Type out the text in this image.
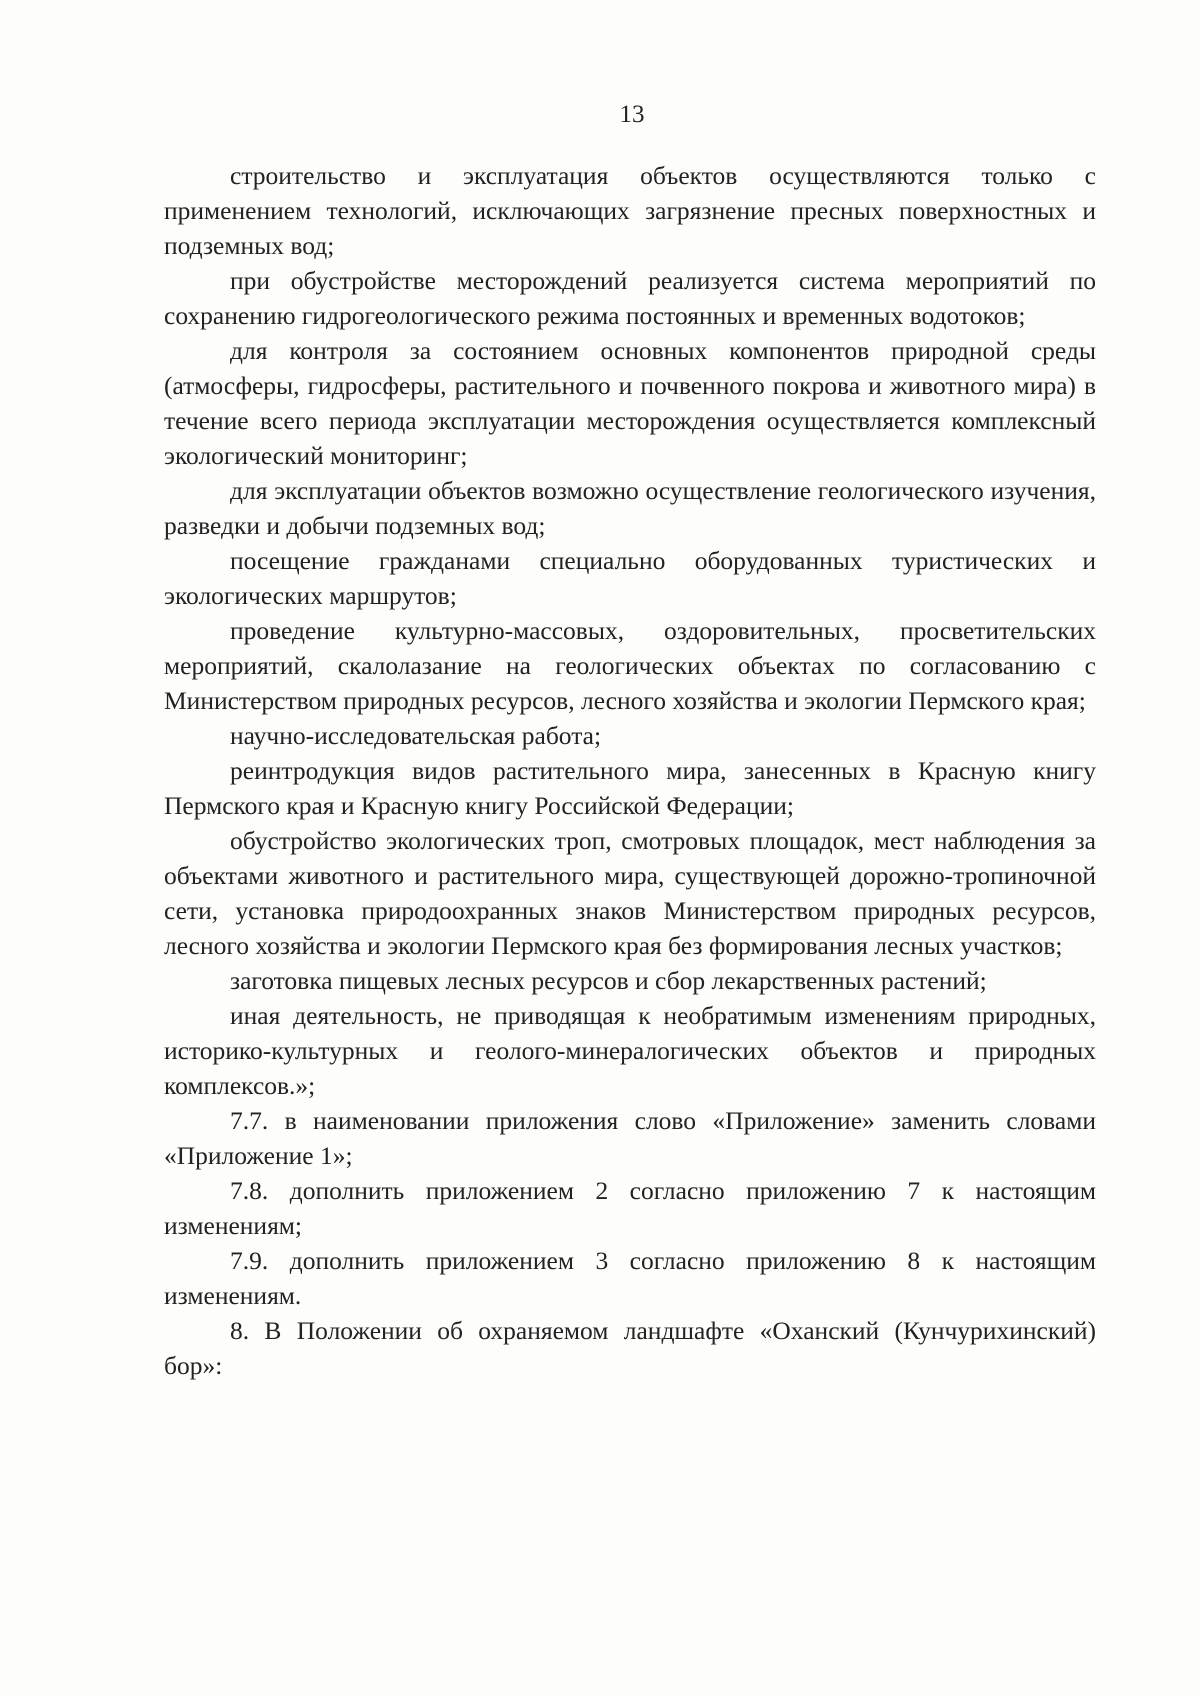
13

строительство и эксплуатация объектов осуществляются только с применением технологий, исключающих загрязнение пресных поверхностных и подземных вод;

при обустройстве месторождений реализуется система мероприятий по сохранению гидрогеологического режима постоянных и временных водотоков;

для контроля за состоянием основных компонентов природной среды (атмосферы, гидросферы, растительного и почвенного покрова и животного мира) в течение всего периода эксплуатации месторождения осуществляется комплексный экологический мониторинг;

для эксплуатации объектов возможно осуществление геологического изучения, разведки и добычи подземных вод;

посещение гражданами специально оборудованных туристических и экологических маршрутов;

проведение культурно-массовых, оздоровительных, просветительских мероприятий, скалолазание на геологических объектах по согласованию с Министерством природных ресурсов, лесного хозяйства и экологии Пермского края;

научно-исследовательская работа;

реинтродукция видов растительного мира, занесенных в Красную книгу Пермского края и Красную книгу Российской Федерации;

обустройство экологических троп, смотровых площадок, мест наблюдения за объектами животного и растительного мира, существующей дорожно-тропиночной сети, установка природоохранных знаков Министерством природных ресурсов, лесного хозяйства и экологии Пермского края без формирования лесных участков;

заготовка пищевых лесных ресурсов и сбор лекарственных растений;

иная деятельность, не приводящая к необратимым изменениям природных, историко-культурных и геолого-минералогических объектов и природных комплексов.»;

7.7. в наименовании приложения слово «Приложение» заменить словами «Приложение 1»;

7.8. дополнить приложением 2 согласно приложению 7 к настоящим изменениям;

7.9. дополнить приложением 3 согласно приложению 8 к настоящим изменениям.

8. В Положении об охраняемом ландшафте «Оханский (Кунчурихинский) бор»:
